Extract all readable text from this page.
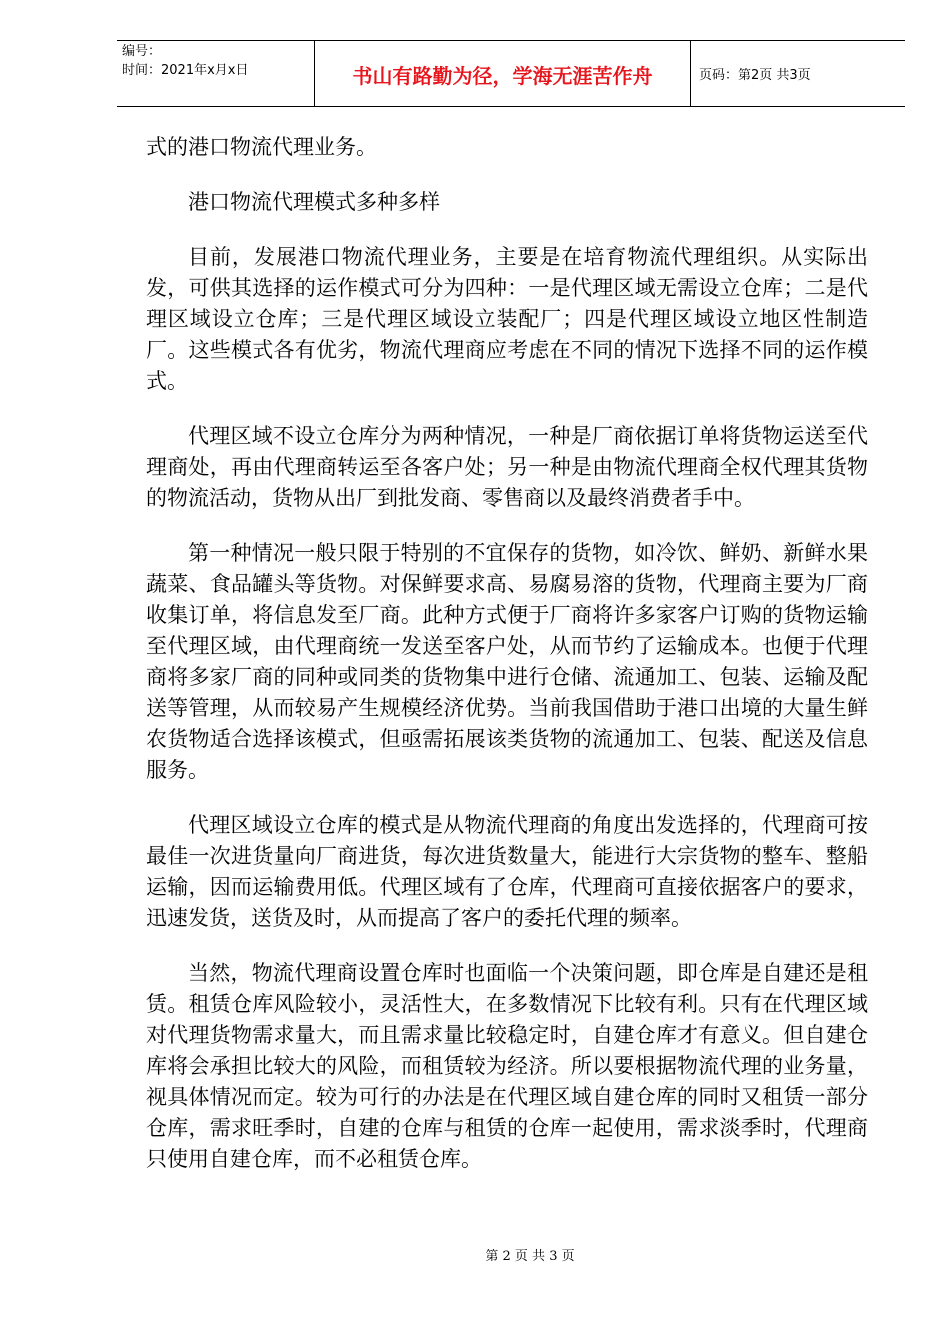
编号：
时间：2021年x月x日	书山有路勤为径，学海无涯苦作舟	页码：第2页 共3页

式的港口物流代理业务。

港口物流代理模式多种多样

目前，发展港口物流代理业务，主要是在培育物流代理组织。从实际出发，可供其选择的运作模式可分为四种：一是代理区域无需设立仓库；二是代理区域设立仓库；三是代理区域设立装配厂；四是代理区域设立地区性制造厂。这些模式各有优劣，物流代理商应考虑在不同的情况下选择不同的运作模式。

代理区域不设立仓库分为两种情况，一种是厂商依据订单将货物运送至代理商处，再由代理商转运至各客户处；另一种是由物流代理商全权代理其货物的物流活动，货物从出厂到批发商、零售商以及最终消费者手中。

第一种情况一般只限于特别的不宜保存的货物，如冷饮、鲜奶、新鲜水果蔬菜、食品罐头等货物。对保鲜要求高、易腐易溶的货物，代理商主要为厂商收集订单，将信息发至厂商。此种方式便于厂商将许多家客户订购的货物运输至代理区域，由代理商统一发送至客户处，从而节约了运输成本。也便于代理商将多家厂商的同种或同类的货物集中进行仓储、流通加工、包装、运输及配送等管理，从而较易产生规模经济优势。当前我国借助于港口出境的大量生鲜农货物适合选择该模式，但亟需拓展该类货物的流通加工、包装、配送及信息服务。

代理区域设立仓库的模式是从物流代理商的角度出发选择的，代理商可按最佳一次进货量向厂商进货，每次进货数量大，能进行大宗货物的整车、整船运输，因而运输费用低。代理区域有了仓库，代理商可直接依据客户的要求，迅速发货，送货及时，从而提高了客户的委托代理的频率。

当然，物流代理商设置仓库时也面临一个决策问题，即仓库是自建还是租赁。租赁仓库风险较小，灵活性大，在多数情况下比较有利。只有在代理区域对代理货物需求量大，而且需求量比较稳定时，自建仓库才有意义。但自建仓库将会承担比较大的风险，而租赁较为经济。所以要根据物流代理的业务量，视具体情况而定。较为可行的办法是在代理区域自建仓库的同时又租赁一部分仓库，需求旺季时，自建的仓库与租赁的仓库一起使用，需求淡季时，代理商只使用自建仓库，而不必租赁仓库。

第 2 页 共 3 页
